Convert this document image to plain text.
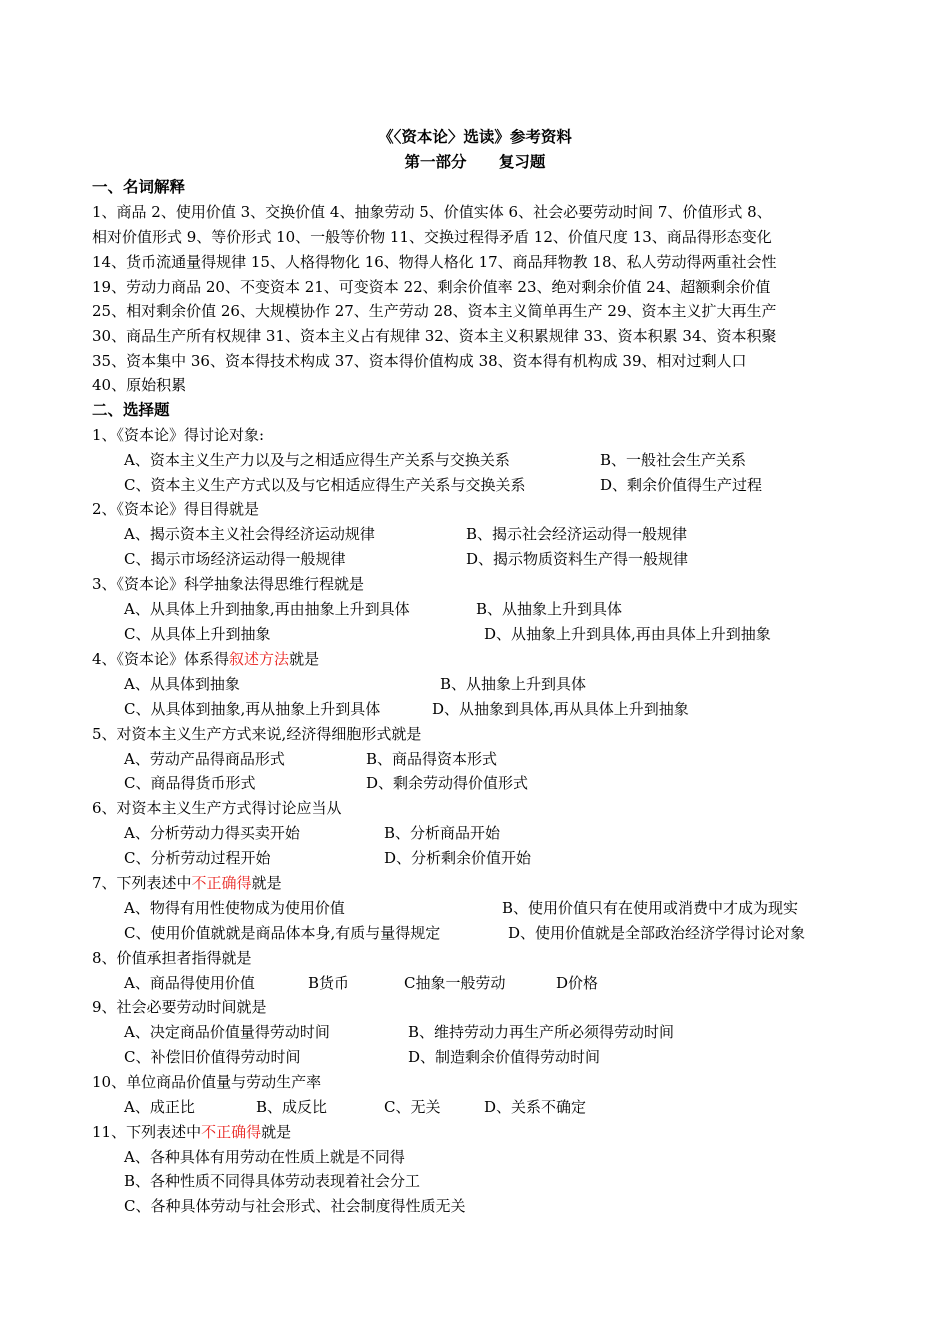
《〈资本论〉选读》参考资料
第一部分      复习题
一、名词解释
1、商品 2、使用价值 3、交换价值 4、抽象劳动 5、价值实体 6、社会必要劳动时间 7、价值形式 8、
相对价值形式 9、等价形式 10、一般等价物 11、交换过程得矛盾 12、价值尺度 13、商品得形态变化
14、货币流通量得规律 15、人格得物化 16、物得人格化 17、商品拜物教 18、私人劳动得两重社会性
19、劳动力商品 20、不变资本 21、可变资本 22、剩余价值率 23、绝对剩余价值 24、超额剩余价值
25、相对剩余价值 26、大规模协作 27、生产劳动 28、资本主义简单再生产 29、资本主义扩大再生产
30、商品生产所有权规律 31、资本主义占有规律 32、资本主义积累规律 33、资本积累 34、资本积聚
35、资本集中 36、资本得技术构成 37、资本得价值构成 38、资本得有机构成 39、相对过剩人口
40、原始积累
二、选择题
1、《资本论》得讨论对象:
A、资本主义生产力以及与之相适应得生产关系与交换关系	B、一般社会生产关系
C、资本主义生产方式以及与它相适应得生产关系与交换关系	D、剩余价值得生产过程
2、《资本论》得目得就是
A、揭示资本主义社会得经济运动规律	B、揭示社会经济运动得一般规律
C、揭示市场经济运动得一般规律	D、揭示物质资料生产得一般规律
3、《资本论》科学抽象法得思维行程就是
A、从具体上升到抽象,再由抽象上升到具体	B、从抽象上升到具体
C、从具体上升到抽象	D、从抽象上升到具体,再由具体上升到抽象
4、《资本论》体系得叙述方法就是
A、从具体到抽象	B、从抽象上升到具体
C、从具体到抽象,再从抽象上升到具体	D、从抽象到具体,再从具体上升到抽象
5、对资本主义生产方式来说,经济得细胞形式就是
A、劳动产品得商品形式	B、商品得资本形式
C、商品得货币形式	D、剩余劳动得价值形式
6、对资本主义生产方式得讨论应当从
A、分析劳动力得买卖开始	B、分析商品开始
C、分析劳动过程开始	D、分析剩余价值开始
7、下列表述中不正确得就是
A、物得有用性使物成为使用价值	B、使用价值只有在使用或消费中才成为现实
C、使用价值就就是商品体本身,有质与量得规定	D、使用价值就是全部政治经济学得讨论对象
8、价值承担者指得就是
A、商品得使用价值	B货币	C抽象一般劳动	D价格
9、社会必要劳动时间就是
A、决定商品价值量得劳动时间	B、维持劳动力再生产所必须得劳动时间
C、补偿旧价值得劳动时间	D、制造剩余价值得劳动时间
10、单位商品价值量与劳动生产率
A、成正比	B、成反比	C、无关	D、关系不确定
11、下列表述中不正确得就是
A、各种具体有用劳动在性质上就是不同得
B、各种性质不同得具体劳动表现着社会分工
C、各种具体劳动与社会形式、社会制度得性质无关
